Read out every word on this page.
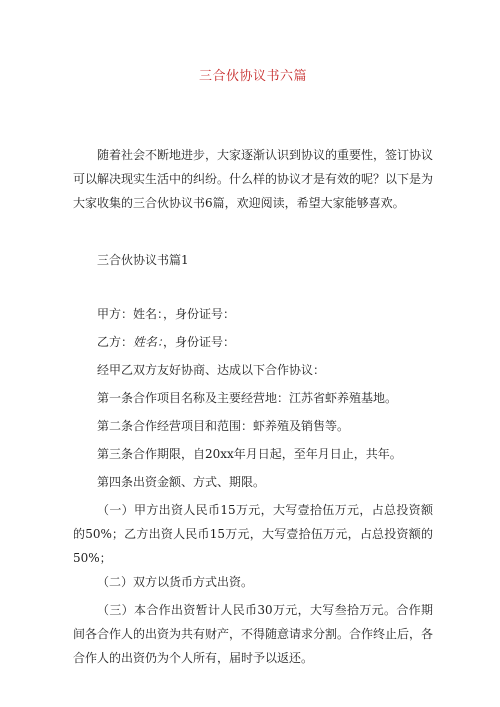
三合伙协议书六篇

随着社会不断地进步，大家逐渐认识到协议的重要性，签订协议可以解决现实生活中的纠纷。什么样的协议才是有效的呢？以下是为大家收集的三合伙协议书6篇，欢迎阅读，希望大家能够喜欢。

三合伙协议书篇1
甲方：姓名：，身份证号：
乙方：姓名：，身份证号：
经甲乙双方友好协商、达成以下合作协议：
第一条合作项目名称及主要经营地：江苏省虾养殖基地。
第二条合作经营项目和范围：虾养殖及销售等。
第三条合作期限，自20xx年月日起，至年月日止，共年。
第四条出资金额、方式、期限。
（一）甲方出资人民币15万元，大写壹拾伍万元，占总投资额的50%；乙方出资人民币15万元，大写壹拾伍万元，占总投资额的50%；
（二）双方以货币方式出资。
（三）本合作出资暂计人民币30万元，大写叁拾万元。合作期间各合作人的出资为共有财产，不得随意请求分割。合作终止后，各合作人的出资仍为个人所有，届时予以返还。
